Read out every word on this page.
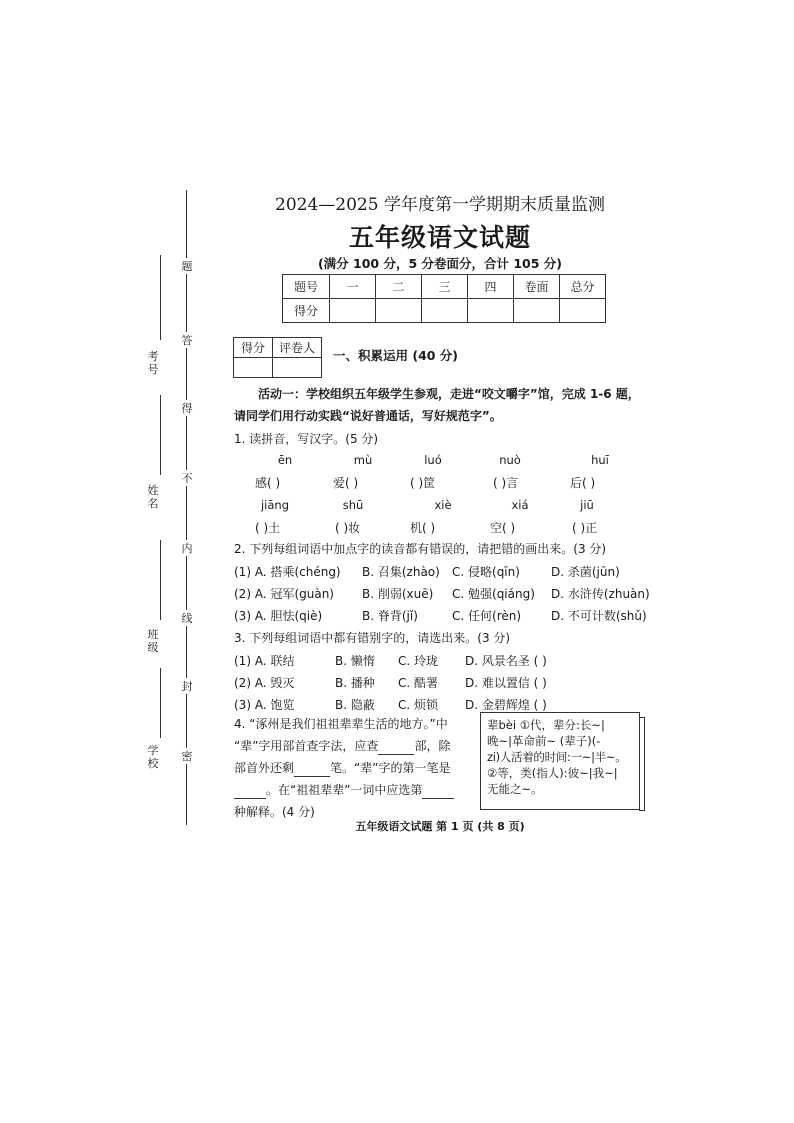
题
答
得
不
内
线
封
密
考号
姓名
班级
学校
2024—2025 学年度第一学期期末质量监测
五年级语文试题
(满分 100 分，5 分卷面分，合计 105 分)
题号	一	二	三	四	卷面	总分
得分						
得分	评卷人
	一、积累运用 (40 分)
活动一：学校组织五年级学生参观，走进“咬文嚼字”馆，完成 1-6 题，
请同学们用行动实践“说好普通话，写好规范字”。
1. 读拼音，写汉字。(5 分)
ēn	mù	luó	nuò	huī
感( )	爱( )	( )筐	( )言	后( )
jiāng	shū	xiè	xiá	jiū
( )土	( )妆	机( )	空( )	( )正
2. 下列每组词语中加点字的读音都有错误的，请把错的画出来。(3 分)
(1) A. 搭乘(chéng) B. 召集(zhào) C. 侵略(qīn)	D. 杀菌(jūn)
(2) A. 冠军(guàn) B. 削弱(xuē) C. 勉强(qiáng) D. 水浒传(zhuàn)
(3) A. 胆怯(qiè)	B. 脊背(jǐ)	C. 任何(rèn) D. 不可计数(shǔ)
3. 下列每组词语中都有错别字的，请选出来。(3 分)
(1) A. 联结	B. 懒惰 C. 玲珑 D. 风景名圣 ( )
(2) A. 毁灭	B. 播种 C. 酷署 D. 难以置信 ( )
(3) A. 饱览	B. 隐蔽 C. 烦锁 D. 金碧辉煌 ( )
4. “涿州是我们祖祖辈辈生活的地方。”中
“辈”字用部首查字法，应查	部，除
部首外还剩	笔。“辈”字的第一笔是
。在“祖祖辈辈”一词中应选第
种解释。(4 分)
辈bèi ①代，辈分:长~|
晚~|革命前~ (辈子)(-
zi)人活着的时间:一~|半~。
②等，类(指人):彼~|我~|
无能之~。
五年级语文试题 第 1 页 (共 8 页)
